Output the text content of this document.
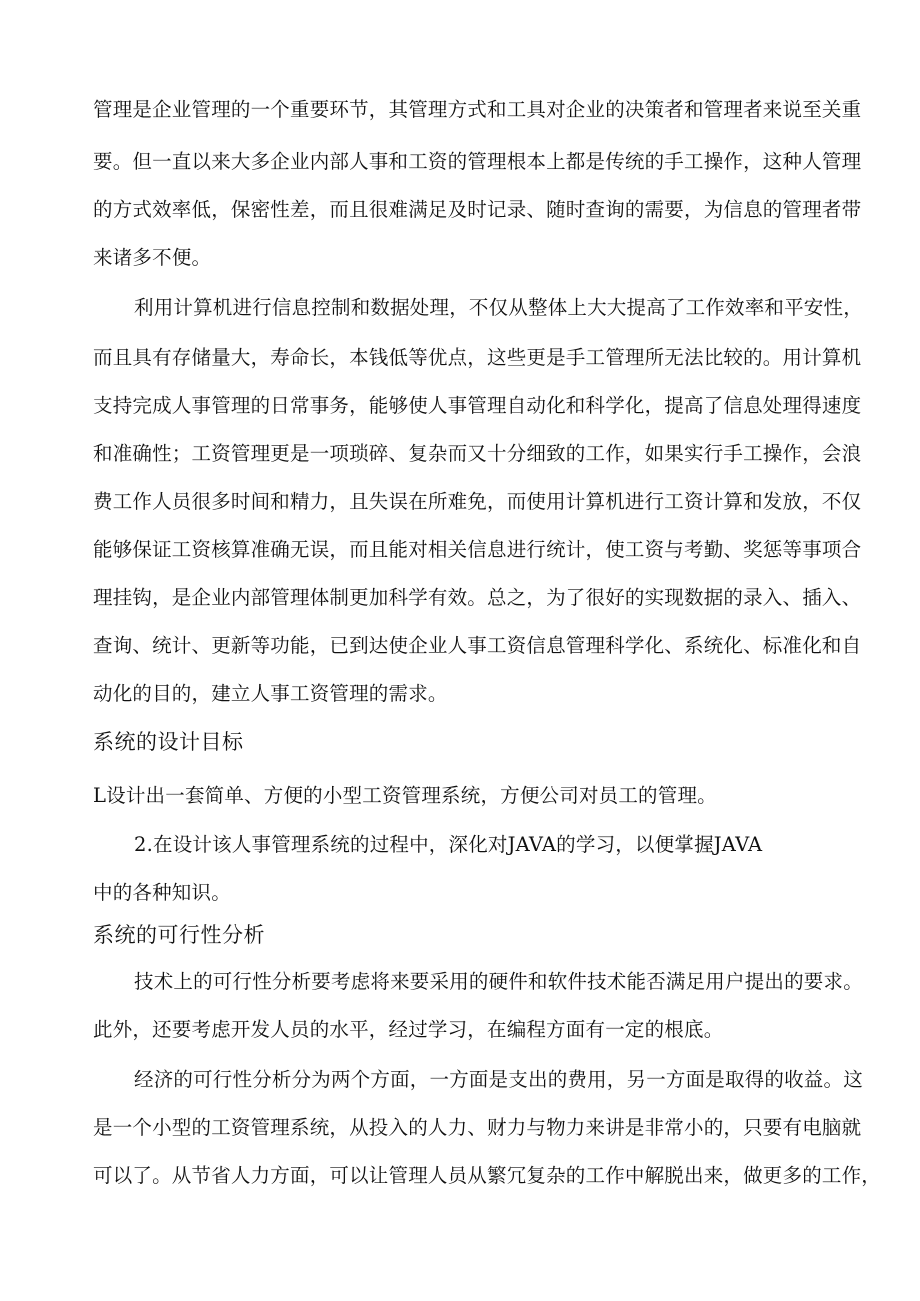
管理是企业管理的一个重要环节，其管理方式和工具对企业的决策者和管理者来说至关重
要。但一直以来大多企业内部人事和工资的管理根本上都是传统的手工操作，这种人管理
的方式效率低，保密性差，而且很难满足及时记录、随时查询的需要，为信息的管理者带
来诸多不便。
利用计算机进行信息控制和数据处理，不仅从整体上大大提高了工作效率和平安性，
而且具有存储量大，寿命长，本钱低等优点，这些更是手工管理所无法比较的。用计算机
支持完成人事管理的日常事务，能够使人事管理自动化和科学化，提高了信息处理得速度
和准确性；工资管理更是一项琐碎、复杂而又十分细致的工作，如果实行手工操作，会浪
费工作人员很多时间和精力，且失误在所难免，而使用计算机进行工资计算和发放，不仅
能够保证工资核算准确无误，而且能对相关信息进行统计，使工资与考勤、奖惩等事项合
理挂钩，是企业内部管理体制更加科学有效。总之，为了很好的实现数据的录入、插入、
查询、统计、更新等功能，已到达使企业人事工资信息管理科学化、系统化、标准化和自
动化的目的，建立人事工资管理的需求。
系统的设计目标
L设计出一套简单、方便的小型工资管理系统，方便公司对员工的管理。
2.在设计该人事管理系统的过程中，深化对JAVA的学习，以便掌握JAVA
中的各种知识。
系统的可行性分析
技术上的可行性分析要考虑将来要采用的硬件和软件技术能否满足用户提出的要求。
此外，还要考虑开发人员的水平，经过学习，在编程方面有一定的根底。
经济的可行性分析分为两个方面，一方面是支出的费用，另一方面是取得的收益。这
是一个小型的工资管理系统，从投入的人力、财力与物力来讲是非常小的，只要有电脑就
可以了。从节省人力方面，可以让管理人员从繁冗复杂的工作中解脱出来，做更多的工作，
